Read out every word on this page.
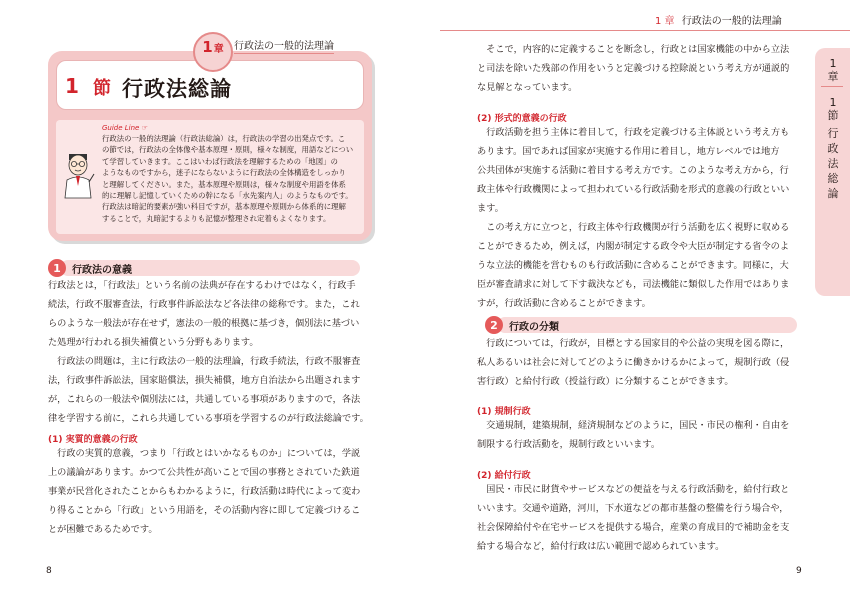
1 章 行政法の一般的法理論
1 節 行政法総論
Guide Line ☞
行政法の一般的法理論（行政法総論）は，行政法の学習の出発点です。こ
の節では，行政法の全体像や基本原理・原則，様々な制度，用語などについ
て学習していきます。ここはいわば行政法を理解するための「地図」の
ようなものですから，迷子にならないように行政法の全体構造をしっかり
と理解してください。また，基本原理や原則は，様々な制度や用語を体系
的に理解し記憶していくための幹になる「水先案内人」のようなものです。
行政法は暗記的要素が強い科目ですが，基本原理や原則から体系的に理解
することで，丸暗記するよりも記憶が整理され定着もよくなります。
1	行政法の意義
行政法とは，「行政法」という名前の法典が存在するわけではなく，行政手
続法，行政不服審査法，行政事件訴訟法など各法律の総称です。また，これ
らのような一般法が存在せず，憲法の一般的根拠に基づき，個別法に基づい
た処理が行われる損失補償という分野もあります。
　行政法の問題は，主に行政法の一般的法理論，行政手続法，行政不服審査
法，行政事件訴訟法，国家賠償法，損失補償，地方自治法から出題されます
が，これらの一般法や個別法には，共通している事項がありますので，各法
律を学習する前に，これら共通している事項を学習するのが行政法総論です。
(1) 実質的意義の行政
　行政の実質的意義，つまり「行政とはいかなるものか」については，学説
上の議論があります。かつて公共性が高いことで国の事務とされていた鉄道
事業が民営化されたことからもわかるように，行政活動は時代によって変わ
り得ることから「行政」という用語を，その活動内容に即して定義づけるこ
とが困難であるためです。
8
1 章 行政法の一般的法理論
1
章
1
節
行
政
法
総
論
　そこで，内容的に定義することを断念し，行政とは国家機能の中から立法
と司法を除いた残部の作用をいうと定義づける控除説という考え方が通説的
な見解となっています。
(2) 形式的意義の行政
　行政活動を担う主体に着目して，行政を定義づける主体説という考え方も
あります。国であれば国家が実施する作用に着目し，地方レベルでは地方
公共団体が実施する活動に着目する考え方です。このような考え方から，行
政主体や行政機関によって担われている行政活動を形式的意義の行政といい
ます。
　この考え方に立つと，行政主体や行政機関が行う活動を広く視野に収める
ことができるため，例えば，内閣が制定する政令や大臣が制定する省令のよ
うな立法的機能を営むものも行政活動に含めることができます。同様に，大
臣が審査請求に対して下す裁決なども，司法機能に類似した作用ではありま
すが，行政活動に含めることができます。
2	行政の分類
　行政については，行政が，目標とする国家目的や公益の実現を図る際に，
私人あるいは社会に対してどのように働きかけるかによって，規制行政（侵
害行政）と給付行政（授益行政）に分類することができます。
(1) 規制行政
　交通規制，建築規制，経済規制などのように，国民・市民の権利・自由を
制限する行政活動を，規制行政といいます。
(2) 給付行政
　国民・市民に財貨やサービスなどの便益を与える行政活動を，給付行政と
いいます。交通や道路，河川，下水道などの都市基盤の整備を行う場合や，
社会保障給付や在宅サービスを提供する場合，産業の育成目的で補助金を支
給する場合など，給付行政は広い範囲で認められています。
9
